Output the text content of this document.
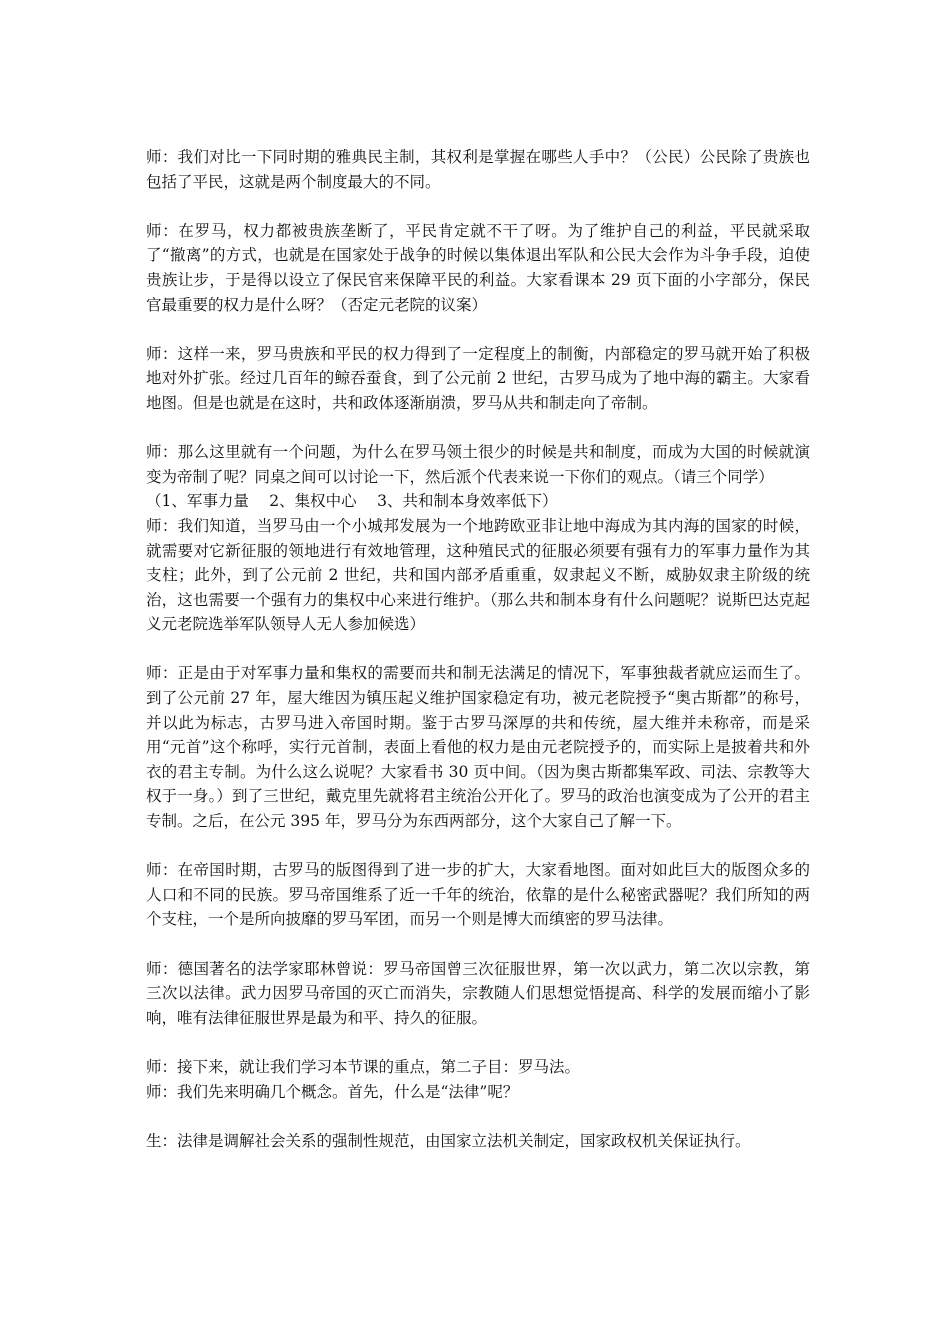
师：我们对比一下同时期的雅典民主制，其权利是掌握在哪些人手中？（公民）公民除了贵族也包括了平民，这就是两个制度最大的不同。

师：在罗马，权力都被贵族垄断了，平民肯定就不干了呀。为了维护自己的利益，平民就采取了“撤离”的方式，也就是在国家处于战争的时候以集体退出军队和公民大会作为斗争手段，迫使贵族让步，于是得以设立了保民官来保障平民的利益。大家看课本 29 页下面的小字部分，保民官最重要的权力是什么呀？（否定元老院的议案）

师：这样一来，罗马贵族和平民的权力得到了一定程度上的制衡，内部稳定的罗马就开始了积极地对外扩张。经过几百年的鲸吞蚕食，到了公元前 2 世纪，古罗马成为了地中海的霸主。大家看地图。但是也就是在这时，共和政体逐渐崩溃，罗马从共和制走向了帝制。

师：那么这里就有一个问题，为什么在罗马领土很少的时候是共和制度，而成为大国的时候就演变为帝制了呢？同桌之间可以讨论一下，然后派个代表来说一下你们的观点。（请三个同学）

（1、军事力量　 2、集权中心　 3、共和制本身效率低下）

师：我们知道，当罗马由一个小城邦发展为一个地跨欧亚非让地中海成为其内海的国家的时候，就需要对它新征服的领地进行有效地管理，这种殖民式的征服必须要有强有力的军事力量作为其支柱；此外，到了公元前 2 世纪，共和国内部矛盾重重，奴隶起义不断，威胁奴隶主阶级的统治，这也需要一个强有力的集权中心来进行维护。（那么共和制本身有什么问题呢？说斯巴达克起义元老院选举军队领导人无人参加候选）

师：正是由于对军事力量和集权的需要而共和制无法满足的情况下，军事独裁者就应运而生了。到了公元前 27 年，屋大维因为镇压起义维护国家稳定有功，被元老院授予“奥古斯都”的称号，并以此为标志，古罗马进入帝国时期。鉴于古罗马深厚的共和传统，屋大维并未称帝，而是采用“元首”这个称呼，实行元首制，表面上看他的权力是由元老院授予的，而实际上是披着共和外衣的君主专制。为什么这么说呢？大家看书 30 页中间。（因为奥古斯都集军政、司法、宗教等大权于一身。）到了三世纪，戴克里先就将君主统治公开化了。罗马的政治也演变成为了公开的君主专制。之后，在公元 395 年，罗马分为东西两部分，这个大家自己了解一下。

师：在帝国时期，古罗马的版图得到了进一步的扩大，大家看地图。面对如此巨大的版图众多的人口和不同的民族。罗马帝国维系了近一千年的统治，依靠的是什么秘密武器呢？我们所知的两个支柱，一个是所向披靡的罗马军团，而另一个则是博大而缜密的罗马法律。

师：德国著名的法学家耶林曾说：罗马帝国曾三次征服世界，第一次以武力，第二次以宗教，第三次以法律。武力因罗马帝国的灭亡而消失，宗教随人们思想觉悟提高、科学的发展而缩小了影响，唯有法律征服世界是最为和平、持久的征服。

师：接下来，就让我们学习本节课的重点，第二子目：罗马法。

师：我们先来明确几个概念。首先，什么是“法律”呢？

生：法律是调解社会关系的强制性规范，由国家立法机关制定，国家政权机关保证执行。
